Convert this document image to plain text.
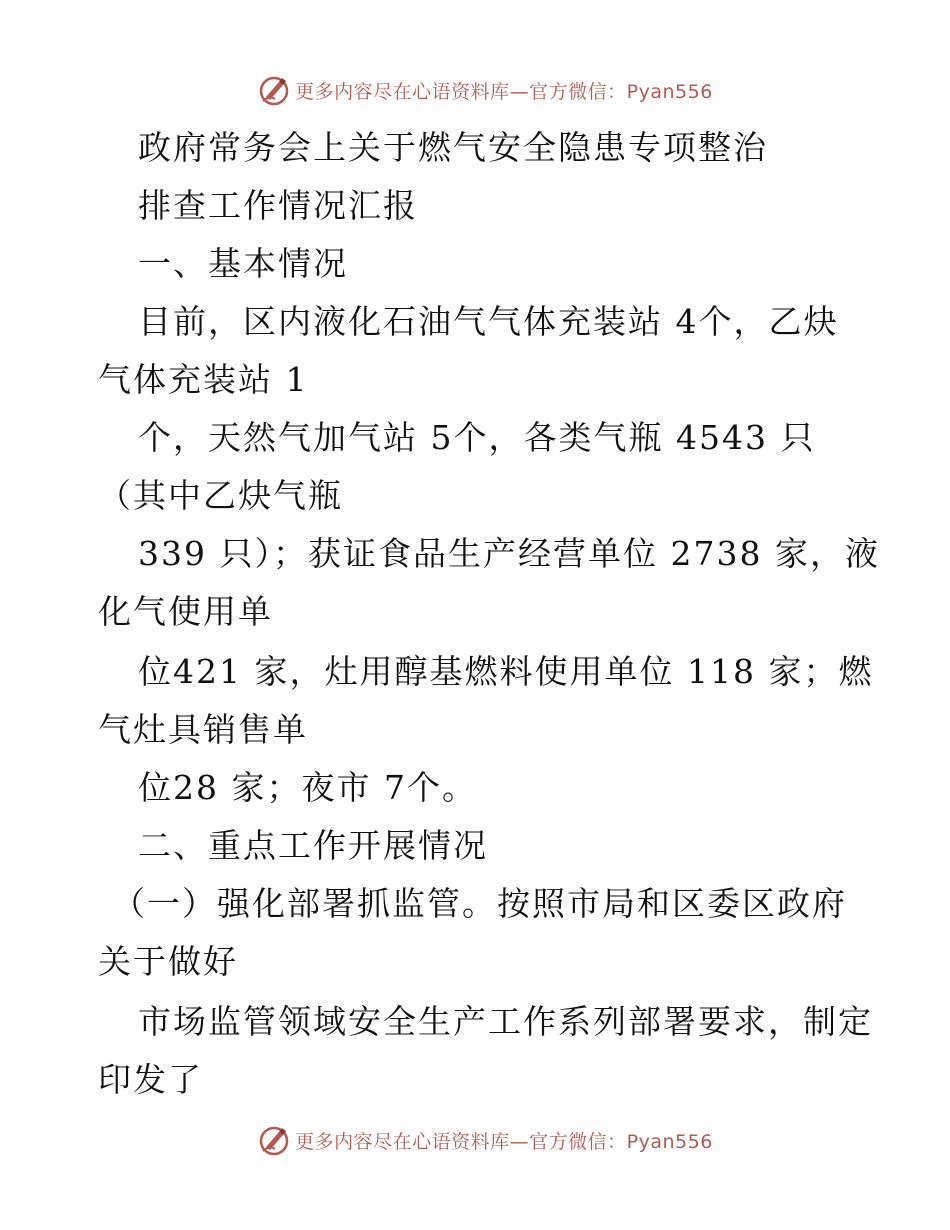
更多内容尽在心语资料库—官方微信：Pyan556
政府常务会上关于燃气安全隐患专项整治
排查工作情况汇报
一、基本情况
目前，区内液化石油气气体充装站 4个，乙炔
气体充装站 1
个，天然气加气站 5个，各类气瓶 4543 只
（其中乙炔气瓶
339 只）；获证食品生产经营单位 2738 家，液
化气使用单
位421 家，灶用醇基燃料使用单位 118 家；燃
气灶具销售单
位28 家；夜市 7个。
二、重点工作开展情况
（一）强化部署抓监管。按照市局和区委区政府
关于做好
市场监管领域安全生产工作系列部署要求，制定
印发了
更多内容尽在心语资料库—官方微信：Pyan556
